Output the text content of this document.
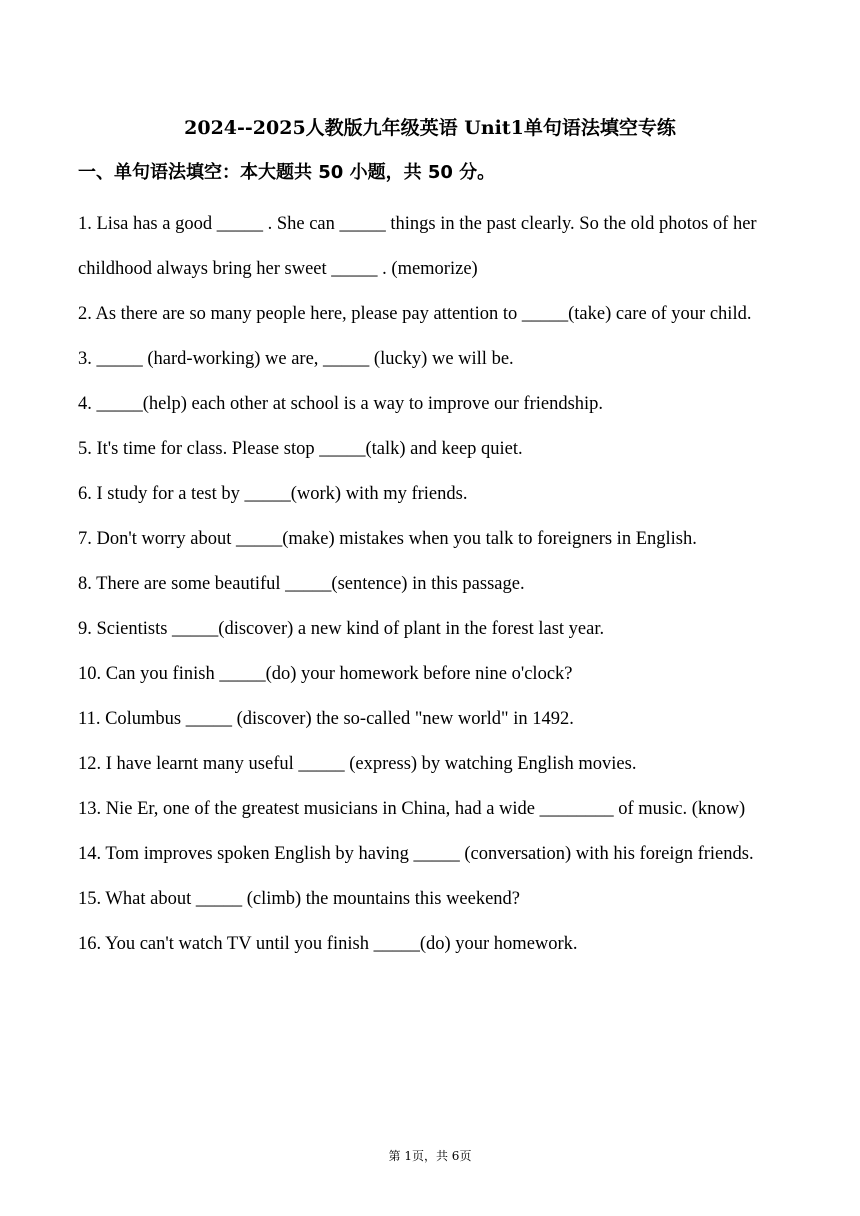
2024--2025人教版九年级英语 Unit1单句语法填空专练
一、单句语法填空：本大题共 50 小题，共 50 分。
1. Lisa has a good _____ . She can _____ things in the past clearly. So the old photos of her childhood always bring her sweet _____ . (memorize)
2. As there are so many people here, please pay attention to _____(take) care of your child.
3. _____ (hard-working) we are, _____ (lucky) we will be.
4. _____(help) each other at school is a way to improve our friendship.
5. It's time for class. Please stop _____(talk) and keep quiet.
6. I study for a test by _____(work) with my friends.
7. Don't worry about _____(make) mistakes when you talk to foreigners in English.
8. There are some beautiful _____(sentence) in this passage.
9. Scientists _____(discover) a new kind of plant in the forest last year.
10. Can you finish _____(do) your homework before nine o'clock?
11. Columbus _____ (discover) the so-called "new world" in 1492.
12. I have learnt many useful _____ (express) by watching English movies.
13. Nie Er, one of the greatest musicians in China, had a wide ________ of music. (know)
14. Tom improves spoken English by having _____ (conversation) with his foreign friends.
15. What about _____ (climb) the mountains this weekend?
16. You can't watch TV until you finish _____(do) your homework.
第 1页，共 6页
